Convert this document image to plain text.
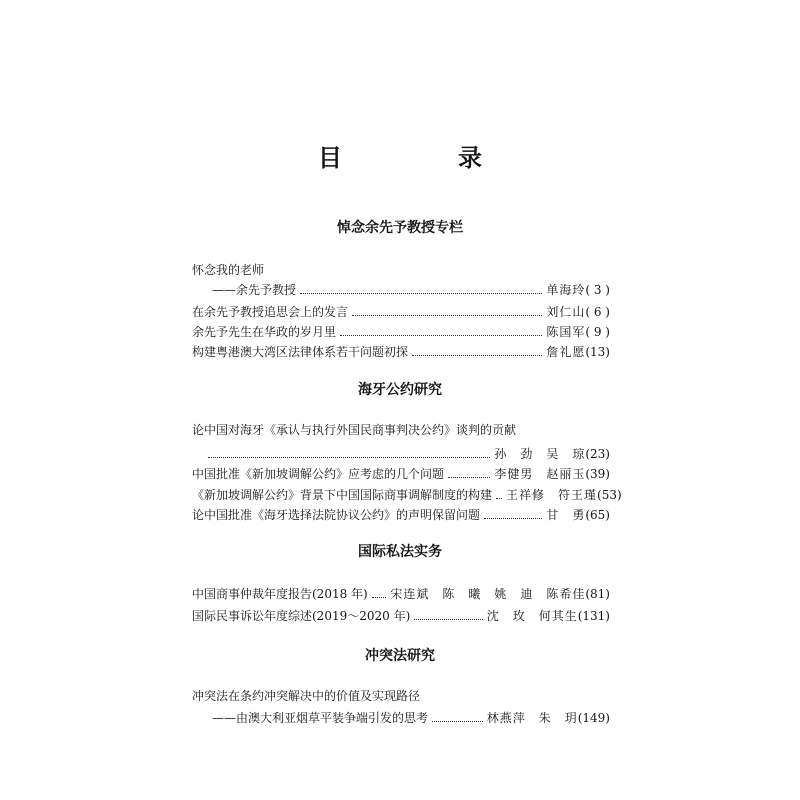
目　录
悼念余先予教授专栏
怀念我的老师
——余先予教授	单海玲 ( 3 )
在余先予教授追思会上的发言	刘仁山 ( 6 )
余先予先生在华政的岁月里	陈国军 ( 9 )
构建粤港澳大湾区法律体系若干问题初探	詹礼愿 (13)
海牙公约研究
论中国对海牙《承认与执行外国民商事判决公约》谈判的贡献
孙　劲　吴　琼 (23)
中国批准《新加坡调解公约》应考虑的几个问题	李健男　赵丽玉 (39)
《新加坡调解公约》背景下中国国际商事调解制度的构建 王祥修　符王瑾 (53)
论中国批准《海牙选择法院协议公约》的声明保留问题	甘　勇 (65)
国际私法实务
中国商事仲裁年度报告(2018 年) 宋连斌　陈　曦　姚　迪　陈希佳 (81)
国际民事诉讼年度综述(2019～2020 年)	沈　玫　何其生 (131)
冲突法研究
冲突法在条约冲突解决中的价值及实现路径
——由澳大利亚烟草平装争端引发的思考	林燕萍　朱　玥 (149)
